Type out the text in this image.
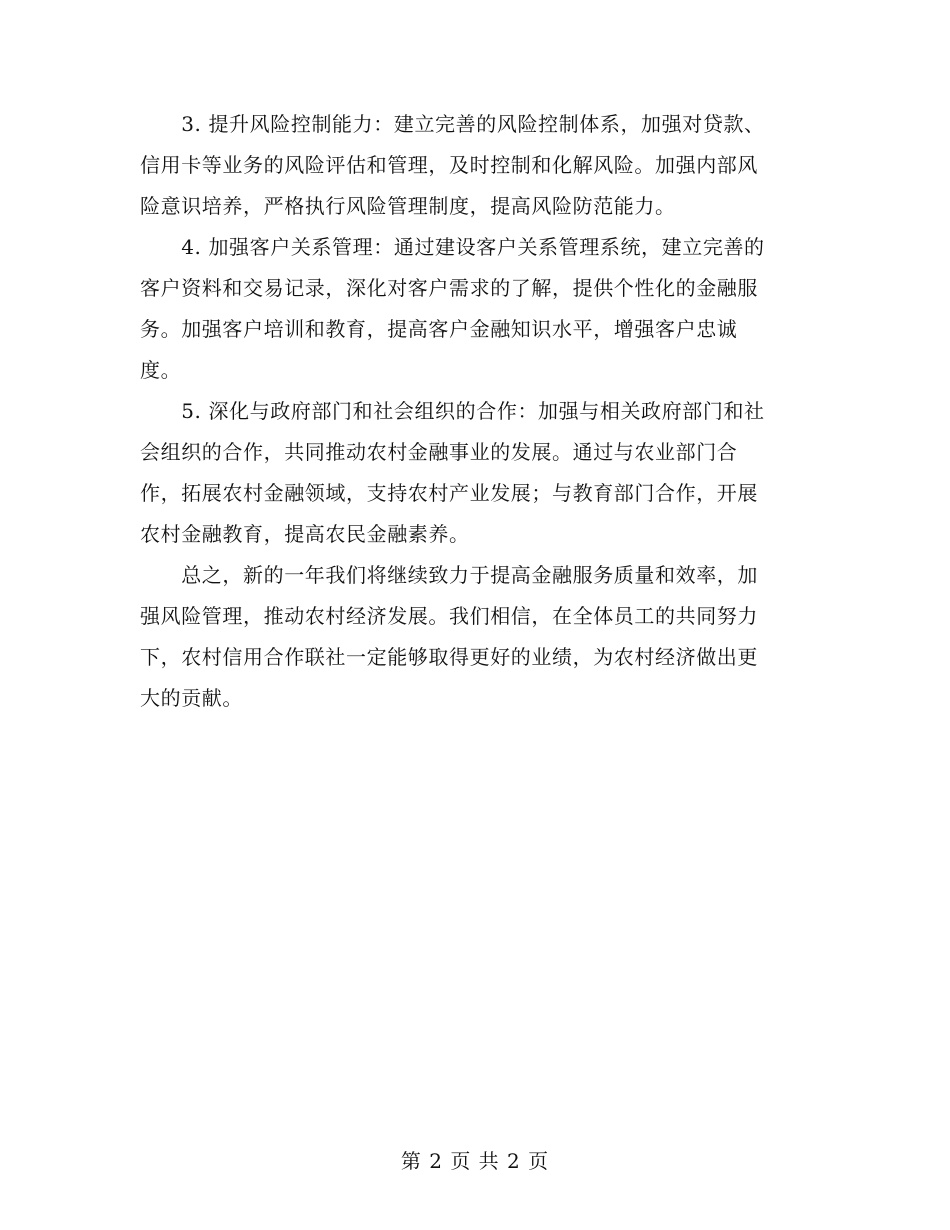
　　3. 提升风险控制能力：建立完善的风险控制体系，加强对贷款、
信用卡等业务的风险评估和管理，及时控制和化解风险。加强内部风
险意识培养，严格执行风险管理制度，提高风险防范能力。

　　4. 加强客户关系管理：通过建设客户关系管理系统，建立完善的
客户资料和交易记录，深化对客户需求的了解，提供个性化的金融服
务。加强客户培训和教育，提高客户金融知识水平，增强客户忠诚
度。

　　5. 深化与政府部门和社会组织的合作：加强与相关政府部门和社
会组织的合作，共同推动农村金融事业的发展。通过与农业部门合
作，拓展农村金融领域，支持农村产业发展；与教育部门合作，开展
农村金融教育，提高农民金融素养。

　　总之，新的一年我们将继续致力于提高金融服务质量和效率，加
强风险管理，推动农村经济发展。我们相信，在全体员工的共同努力
下，农村信用合作联社一定能够取得更好的业绩，为农村经济做出更
大的贡献。

第 2 页 共 2 页
